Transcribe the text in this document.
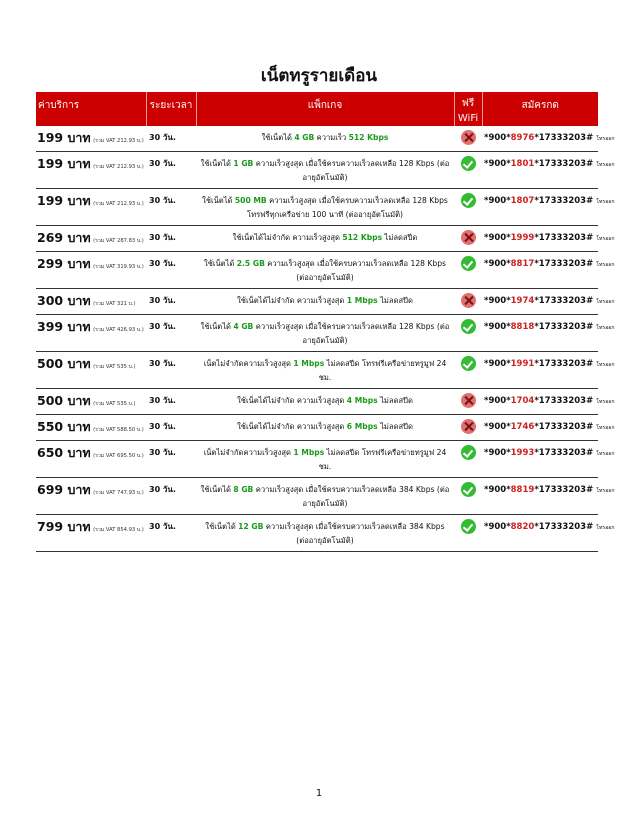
เน็ตทรูรายเดือน
ค่าบริการ	ระยะเวลา	แพ็กเกจ	ฟรี
WiFi	สมัครกด

199 บาท (รวม VAT 212.93 บ.)	30 วัน.	ใช้เน็ตได้ 4 GB ความเร็ว 512 Kbps		*900*8976*17333203# โทรออก
199 บาท (รวม VAT 212.93 บ.)	30 วัน.	ใช้เน็ตได้ 1 GB ความเร็วสูงสุด เมื่อใช้ครบความเร็วลดเหลือ 128 Kbps (ต่ออายุอัตโนมัติ)		*900*1801*17333203# โทรออก
199 บาท (รวม VAT 212.93 บ.)	30 วัน.	ใช้เน็ตได้ 500 MB ความเร็วสูงสุด เมื่อใช้ครบความเร็วลดเหลือ 128 Kbps โทรฟรีทุกเครือข่าย 100 นาที (ต่ออายุอัตโนมัติ)		*900*1807*17333203# โทรออก
269 บาท (รวม VAT 287.83 บ.)	30 วัน.	ใช้เน็ตได้ไม่จำกัด ความเร็วสูงสุด 512 Kbps ไม่ลดสปีด		*900*1999*17333203# โทรออก
299 บาท (รวม VAT 319.93 บ.)	30 วัน.	ใช้เน็ตได้ 2.5 GB ความเร็วสูงสุด เมื่อใช้ครบความเร็วลดเหลือ 128 Kbps (ต่ออายุอัตโนมัติ)		*900*8817*17333203# โทรออก
300 บาท (รวม VAT 321 บ.)	30 วัน.	ใช้เน็ตได้ไม่จำกัด ความเร็วสูงสุด 1 Mbps ไม่ลดสปีด		*900*1974*17333203# โทรออก
399 บาท (รวม VAT 426.93 บ.)	30 วัน.	ใช้เน็ตได้ 4 GB ความเร็วสูงสุด เมื่อใช้ครบความเร็วลดเหลือ 128 Kbps (ต่ออายุอัตโนมัติ)		*900*8818*17333203# โทรออก
500 บาท (รวม VAT 535 บ.)	30 วัน.	เน็ตไม่จำกัดความเร็วสูงสุด 1 Mbps ไม่ลดสปีด โทรฟรีเครือข่ายทรูมูฟ 24 ชม.		*900*1991*17333203# โทรออก
500 บาท (รวม VAT 535 บ.)	30 วัน.	ใช้เน็ตได้ไม่จำกัด ความเร็วสูงสุด 4 Mbps ไม่ลดสปีด		*900*1704*17333203# โทรออก
550 บาท (รวม VAT 588.50 บ.)	30 วัน.	ใช้เน็ตได้ไม่จำกัด ความเร็วสูงสุด 6 Mbps ไม่ลดสปีด		*900*1746*17333203# โทรออก
650 บาท (รวม VAT 695.50 บ.)	30 วัน.	เน็ตไม่จำกัดความเร็วสูงสุด 1 Mbps ไม่ลดสปีด โทรฟรีเครือข่ายทรูมูฟ 24 ชม.		*900*1993*17333203# โทรออก
699 บาท (รวม VAT 747.93 บ.)	30 วัน.	ใช้เน็ตได้ 8 GB ความเร็วสูงสุด เมื่อใช้ครบความเร็วลดเหลือ 384 Kbps (ต่ออายุอัตโนมัติ)		*900*8819*17333203# โทรออก
799 บาท (รวม VAT 854.93 บ.)	30 วัน.	ใช้เน็ตได้ 12 GB ความเร็วสูงสุด เมื่อใช้ครบความเร็วลดเหลือ 384 Kbps (ต่ออายุอัตโนมัติ)		*900*8820*17333203# โทรออก
1
